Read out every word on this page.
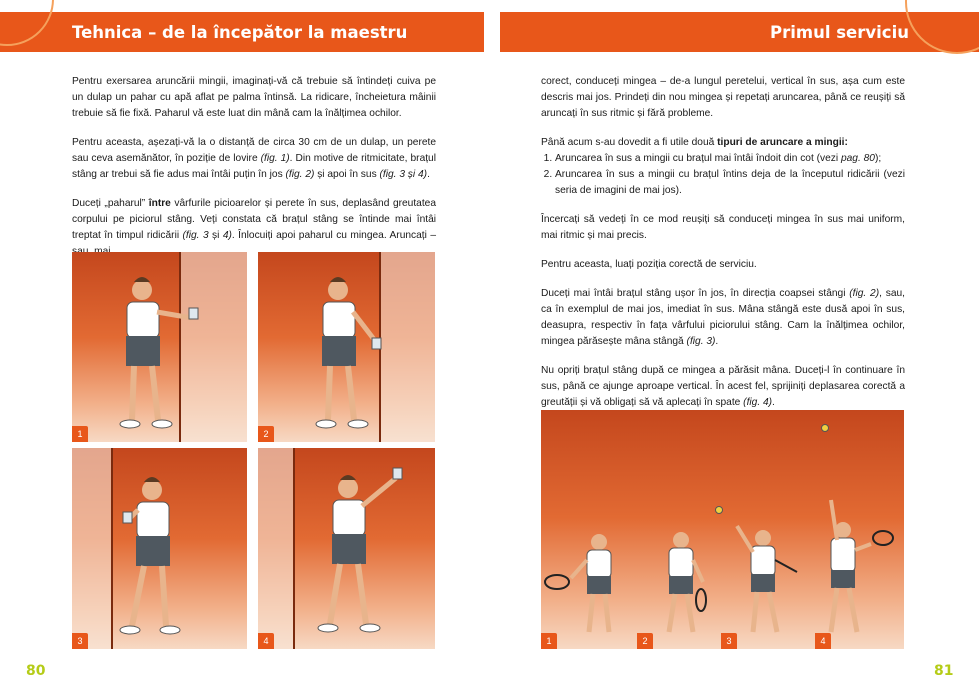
Tehnica – de la începător la maestru	Primul serviciu

Pentru exersarea aruncării mingii, imaginați-vă că trebuie să întindeți cuiva pe un dulap un pahar cu apă aflat pe palma întinsă. La ridicare, încheietura mâinii trebuie să fie fixă. Paharul vă este luat din mână cam la înălțimea ochilor.

Pentru aceasta, așezați-vă la o distanță de circa 30 cm de un dulap, un perete sau ceva asemănător, în poziție de lovire (fig. 1). Din motive de ritmicitate, brațul stâng ar trebui să fie adus mai întâi puțin în jos (fig. 2) și apoi în sus (fig. 3 și 4).

Duceți „paharul” între vârfurile picioarelor și perete în sus, deplasând greutatea corpului pe piciorul stâng. Veți constata că brațul stâng se întinde mai întâi treptat în timpul ridicării (fig. 3 și 4). Înlocuiți apoi paharul cu mingea. Aruncați –

1	2
3	4
80

corect, conduceți mingea – de-a lungul peretelui, vertical în sus, așa cum este descris mai jos. Prindeți din nou mingea și repetați aruncarea, până ce reușiți să aruncați în sus ritmic și fără probleme.

Până acum s-au dovedit a fi utile două tipuri de aruncare a mingii:

1. Aruncarea în sus a mingii cu brațul mai întâi îndoit din cot (vezi pag. 80);
2. Aruncarea în sus a mingii cu brațul întins deja de la începutul ridicării (vezi seria de imagini de mai jos).

Încercați să vedeți în ce mod reușiți să conduceți mingea în sus mai uniform, mai ritmic și mai precis.

Pentru aceasta, luați poziția corectă de serviciu.

Duceți mai întâi brațul stâng ușor în jos, în direcția coapsei stângi (fig. 2), sau, ca în exemplul de mai jos, imediat în sus. Mâna stângă este dusă apoi în sus, deasupra, respectiv în fața vârfului piciorului stâng. Cam la înălțimea ochilor, mingea părăsește mâna stângă (fig. 3).

Nu opriți brațul stâng după ce mingea a părăsit mâna. Duceți-l în continuare în sus, până ce ajunge aproape vertical. În acest fel, sprijiniți deplasarea corectă a greutății și vă obligați să vă aplecați în spate (fig. 4).

1	2	3	4
81
